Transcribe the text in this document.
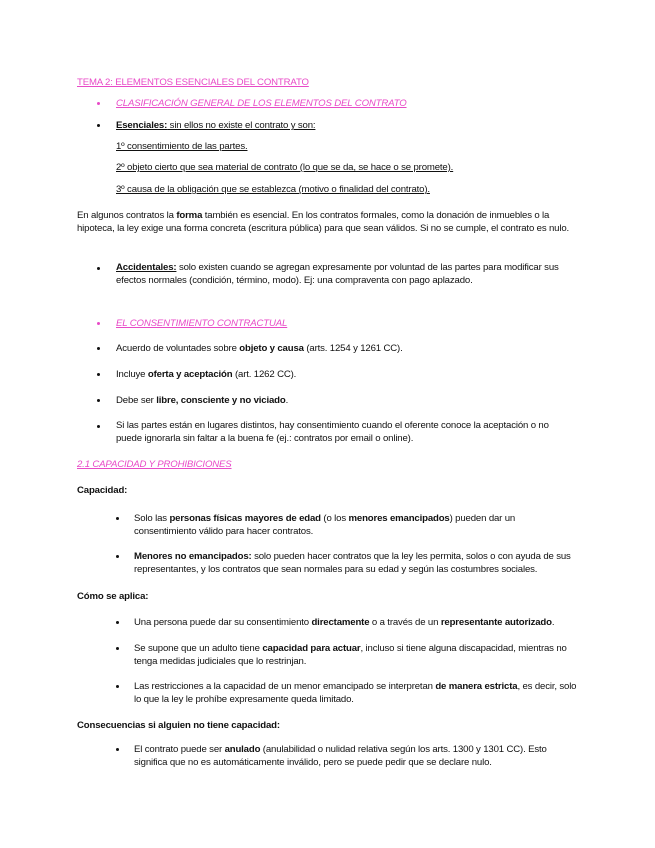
TEMA 2: ELEMENTOS ESENCIALES DEL CONTRATO
CLASIFICACIÓN GENERAL DE LOS ELEMENTOS DEL CONTRATO
Esenciales: sin ellos no existe el contrato y son:
1º consentimiento de las partes.
2º objeto cierto que sea material de contrato (lo que se da, se hace o se promete).
3º causa de la obligación que se establezca (motivo o finalidad del contrato).
En algunos contratos la forma también es esencial. En los contratos formales, como la donación de inmuebles o la hipoteca, la ley exige una forma concreta (escritura pública) para que sean válidos. Si no se cumple, el contrato es nulo.
Accidentales: solo existen cuando se agregan expresamente por voluntad de las partes para modificar sus efectos normales (condición, término, modo). Ej: una compraventa con pago aplazado.
EL CONSENTIMIENTO CONTRACTUAL
Acuerdo de voluntades sobre objeto y causa (arts. 1254 y 1261 CC).
Incluye oferta y aceptación (art. 1262 CC).
Debe ser libre, consciente y no viciado.
Si las partes están en lugares distintos, hay consentimiento cuando el oferente conoce la aceptación o no puede ignorarla sin faltar a la buena fe (ej.: contratos por email o online).
2.1 CAPACIDAD Y PROHIBICIONES
Capacidad:
Solo las personas físicas mayores de edad (o los menores emancipados) pueden dar un consentimiento válido para hacer contratos.
Menores no emancipados: solo pueden hacer contratos que la ley les permita, solos o con ayuda de sus representantes, y los contratos que sean normales para su edad y según las costumbres sociales.
Cómo se aplica:
Una persona puede dar su consentimiento directamente o a través de un representante autorizado.
Se supone que un adulto tiene capacidad para actuar, incluso si tiene alguna discapacidad, mientras no tenga medidas judiciales que lo restrinjan.
Las restricciones a la capacidad de un menor emancipado se interpretan de manera estricta, es decir, solo lo que la ley le prohíbe expresamente queda limitado.
Consecuencias si alguien no tiene capacidad:
El contrato puede ser anulado (anulabilidad o nulidad relativa según los arts. 1300 y 1301 CC). Esto significa que no es automáticamente inválido, pero se puede pedir que se declare nulo.
